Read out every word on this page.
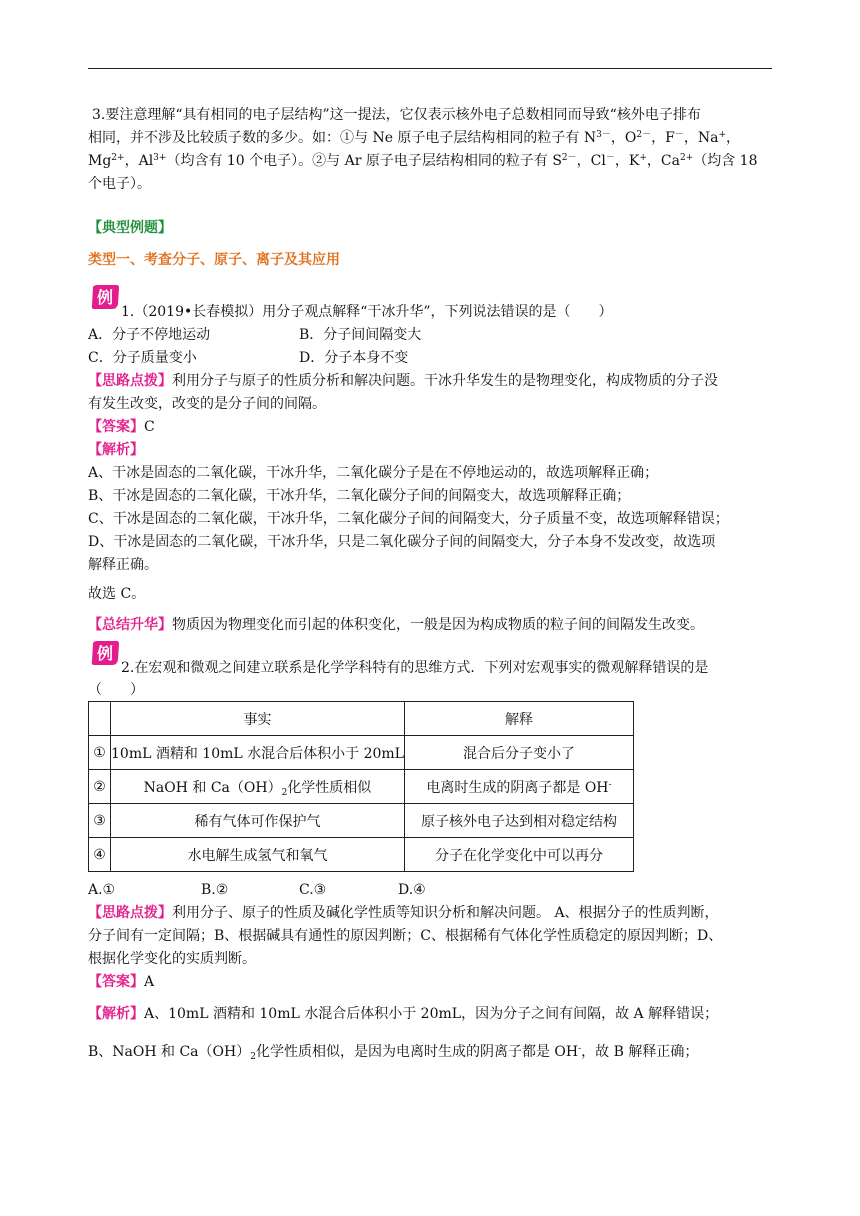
3.要注意理解“具有相同的电子层结构”这一提法，它仅表示核外电子总数相同而导致“核外电子排布
相同，并不涉及比较质子数的多少。如：①与 Ne 原子电子层结构相同的粒子有 $N^{3-}$，$O^{2-}$，F－，Na+，
$Mg^{2+}$，$Al^{3+}$（均含有 10 个电子）。②与 Ar 原子电子层结构相同的粒子有 $S^{2-}$，Cl－，K+，$Ca^{2+}$（均含 18
个电子）。
【典型例题】
类型一、考查分子、原子、离子及其应用
例
1.（2019•长春模拟）用分子观点解释“干冰升华”，下列说法错误的是（　　）
A．分子不停地运动	B．分子间间隔变大
C．分子质量变小	D．分子本身不变
【思路点拨】利用分子与原子的性质分析和解决问题。干冰升华发生的是物理变化，构成物质的分子没
有发生改变，改变的是分子间的间隔。
【答案】C
【解析】
A、干冰是固态的二氧化碳，干冰升华，二氧化碳分子是在不停地运动的，故选项解释正确；
B、干冰是固态的二氧化碳，干冰升华，二氧化碳分子间的间隔变大，故选项解释正确；
C、干冰是固态的二氧化碳，干冰升华，二氧化碳分子间的间隔变大，分子质量不变，故选项解释错误；
D、干冰是固态的二氧化碳，干冰升华，只是二氧化碳分子间的间隔变大，分子本身不发改变，故选项
解释正确。
故选 C。
【总结升华】物质因为物理变化而引起的体积变化，一般是因为构成物质的粒子间的间隔发生改变。
例
2.在宏观和微观之间建立联系是化学学科特有的思维方式．下列对宏观事实的微观解释错误的是
（　　）
	事实	解释
①	10mL 酒精和 10mL 水混合后体积小于 20mL	混合后分子变小了
②	NaOH 和 $Ca(OH)_2$化学性质相似	电离时生成的阴离子都是 OH-
③	稀有气体可作保护气	原子核外电子达到相对稳定结构
④	水电解生成氢气和氧气	分子在化学变化中可以再分
A.①	B.②	C.③	D.④
【思路点拨】利用分子、原子的性质及碱化学性质等知识分析和解决问题。 A、根据分子的性质判断，
分子间有一定间隔；B、根据碱具有通性的原因判断；C、根据稀有气体化学性质稳定的原因判断；D、
根据化学变化的实质判断。
【答案】A
【解析】A、10mL 酒精和 10mL 水混合后体积小于 20mL，因为分子之间有间隔，故 A 解释错误；
B、NaOH 和 $Ca(OH)_2$化学性质相似，是因为电离时生成的阴离子都是 OH-，故 B 解释正确；
